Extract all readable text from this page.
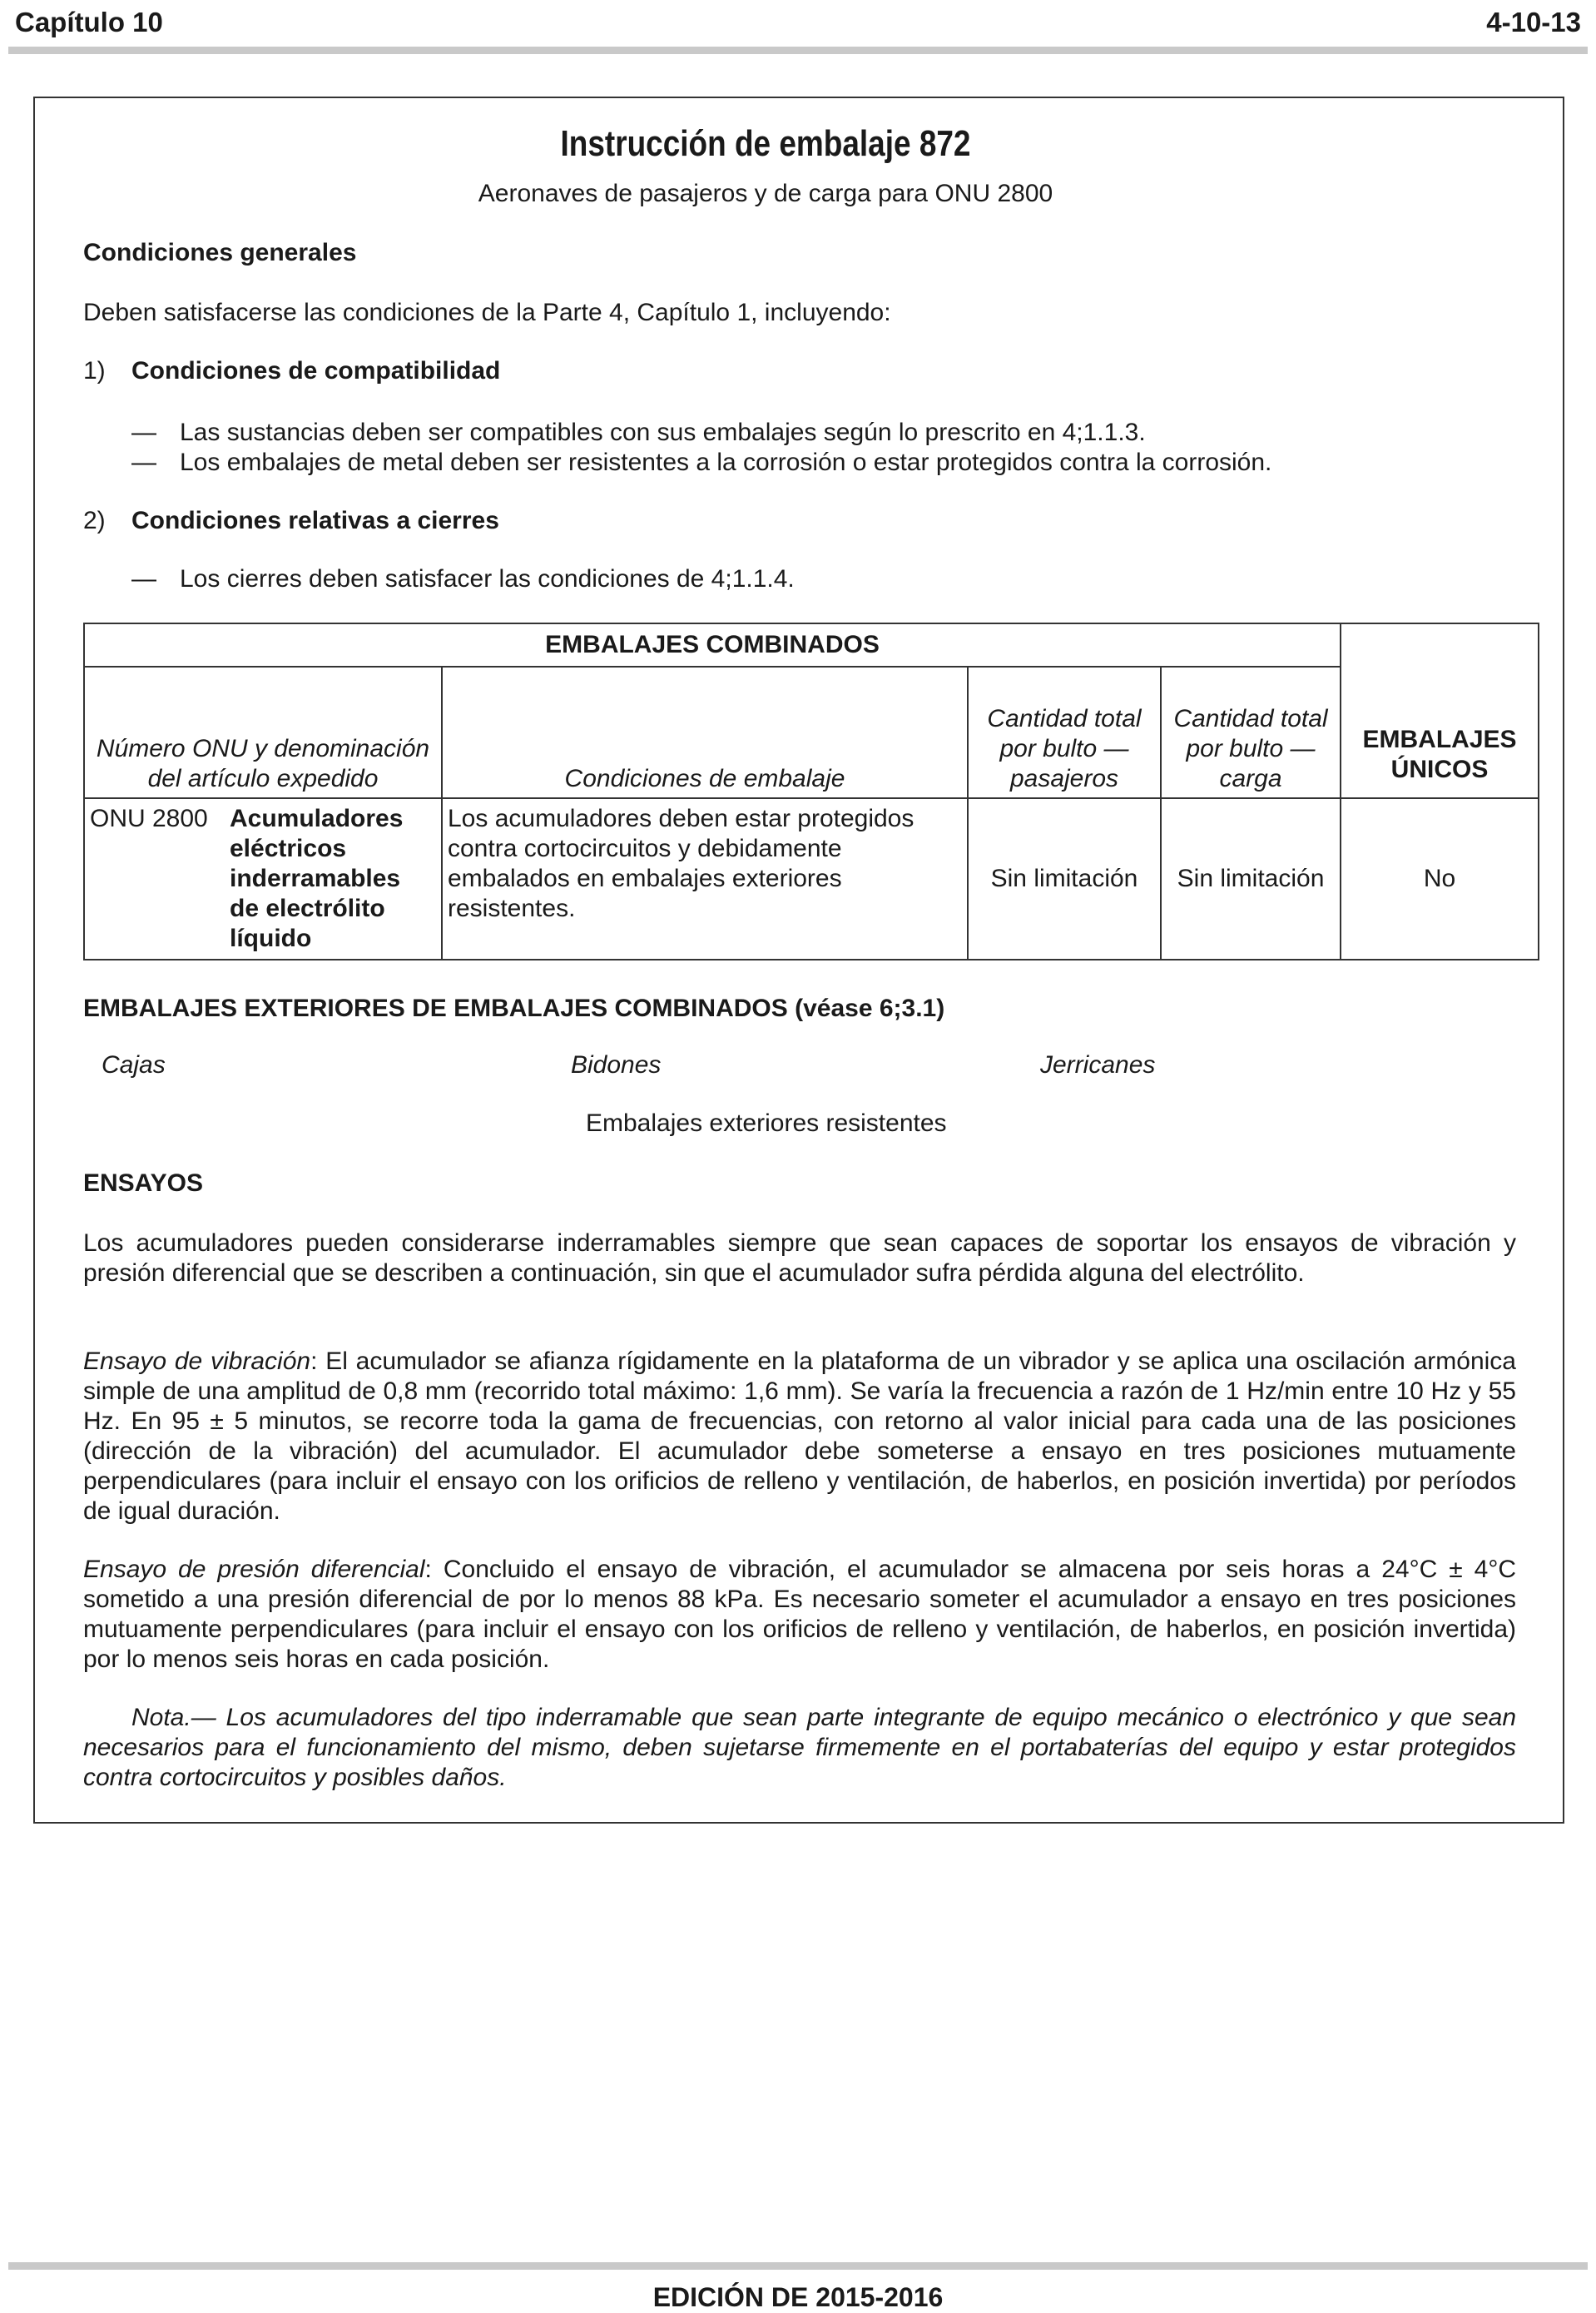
Capítulo 10	4-10-13
Instrucción de embalaje 872
Aeronaves de pasajeros y de carga para ONU 2800
Condiciones generales
Deben satisfacerse las condiciones de la Parte 4, Capítulo 1, incluyendo:
1) Condiciones de compatibilidad
—Las sustancias deben ser compatibles con sus embalajes según lo prescrito en 4;1.1.3.
—Los embalajes de metal deben ser resistentes a la corrosión o estar protegidos contra la corrosión.
2) Condiciones relativas a cierres
—Los cierres deben satisfacer las condiciones de 4;1.1.4.
EMBALAJES COMBINADOS				EMBALAJES ÚNICOS
Número ONU y denominación del artículo expedido	Condiciones de embalaje	Cantidad total por bulto — pasajeros	Cantidad total por bulto — carga	

ONU 2800 Acumuladores eléctricos inderramables de electrólito líquido	Los acumuladores deben estar protegidos contra cortocircuitos y debidamente embalados en embalajes exteriores resistentes.	Sin limitación	Sin limitación	No
EMBALAJES EXTERIORES DE EMBALAJES COMBINADOS (véase 6;3.1)
Cajas	Bidones	Jerricanes
Embalajes exteriores resistentes
ENSAYOS
Los acumuladores pueden considerarse inderramables siempre que sean capaces de soportar los ensayos de vibración y presión diferencial que se describen a continuación, sin que el acumulador sufra pérdida alguna del electrólito.
Ensayo de vibración: El acumulador se afianza rígidamente en la plataforma de un vibrador y se aplica una oscilación armónica simple de una amplitud de 0,8 mm (recorrido total máximo: 1,6 mm). Se varía la frecuencia a razón de 1 Hz/min entre 10 Hz y 55 Hz. En 95 ± 5 minutos, se recorre toda la gama de frecuencias, con retorno al valor inicial para cada una de las posiciones (dirección de la vibración) del acumulador. El acumulador debe someterse a ensayo en tres posiciones mutuamente perpendiculares (para incluir el ensayo con los orificios de relleno y ventilación, de haberlos, en posición invertida) por períodos de igual duración.
Ensayo de presión diferencial: Concluido el ensayo de vibración, el acumulador se almacena por seis horas a 24°C ± 4°C sometido a una presión diferencial de por lo menos 88 kPa. Es necesario someter el acumulador a ensayo en tres posiciones mutuamente perpendiculares (para incluir el ensayo con los orificios de relleno y ventilación, de haberlos, en posición invertida) por lo menos seis horas en cada posición.
Nota.— Los acumuladores del tipo inderramable que sean parte integrante de equipo mecánico o electrónico y que sean necesarios para el funcionamiento del mismo, deben sujetarse firmemente en el portabaterías del equipo y estar protegidos contra cortocircuitos y posibles daños.
EDICIÓN DE 2015-2016
